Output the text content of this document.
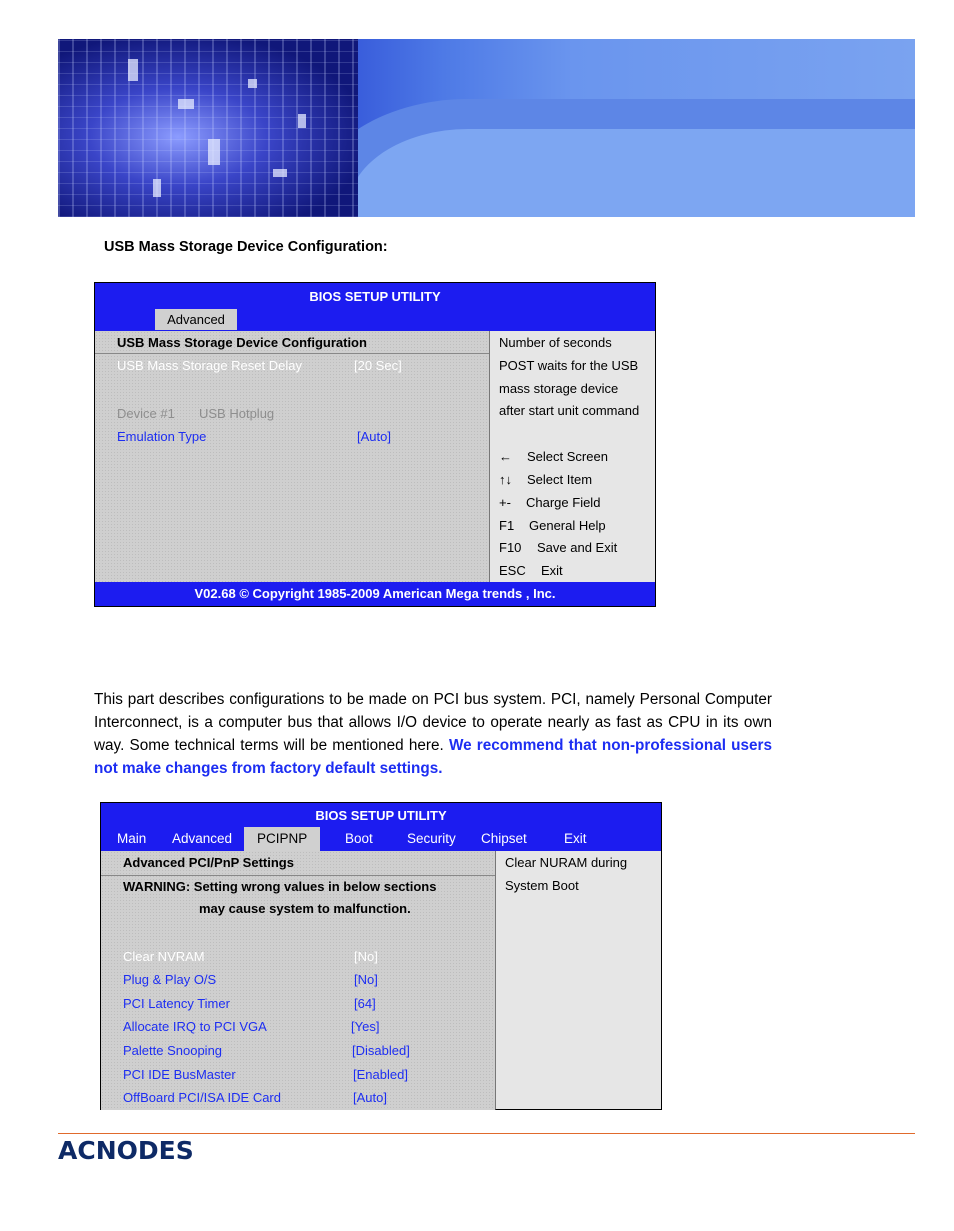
USB Mass Storage Device Configuration:
BIOS SETUP UTILITY
Advanced
USB Mass Storage Device Configuration
USB Mass Storage Reset Delay	[20 Sec]
Device #1 USB Hotplug
Emulation Type	[Auto]
Number of seconds
POST waits for the USB
mass storage device
after start unit command
← Select Screen
↑↓ Select Item
+- Charge Field
F1 General Help
F10 Save and Exit
ESC Exit
V02.68 © Copyright 1985-2009 American Mega trends , Inc.
This part describes configurations to be made on PCI bus system. PCI, namely Personal Computer Interconnect, is a computer bus that allows I/O device to operate nearly as fast as CPU in its own way. Some technical terms will be mentioned here. We recommend that non-professional users not make changes from factory default settings.
BIOS SETUP UTILITY
Main Advanced	PCIPNP	Boot	Security Chipset	Exit
Advanced PCI/PnP Settings
WARNING: Setting wrong values in below sections
may cause system to malfunction.
Clear NVRAM	[No]
Plug & Play O/S	[No]
PCI Latency Timer	[64]
Allocate IRQ to PCI VGA	[Yes]
Palette Snooping	[Disabled]
PCI IDE BusMaster	[Enabled]
OffBoard PCI/ISA IDE Card	[Auto]
Clear NURAM during
System Boot
ACNODES
